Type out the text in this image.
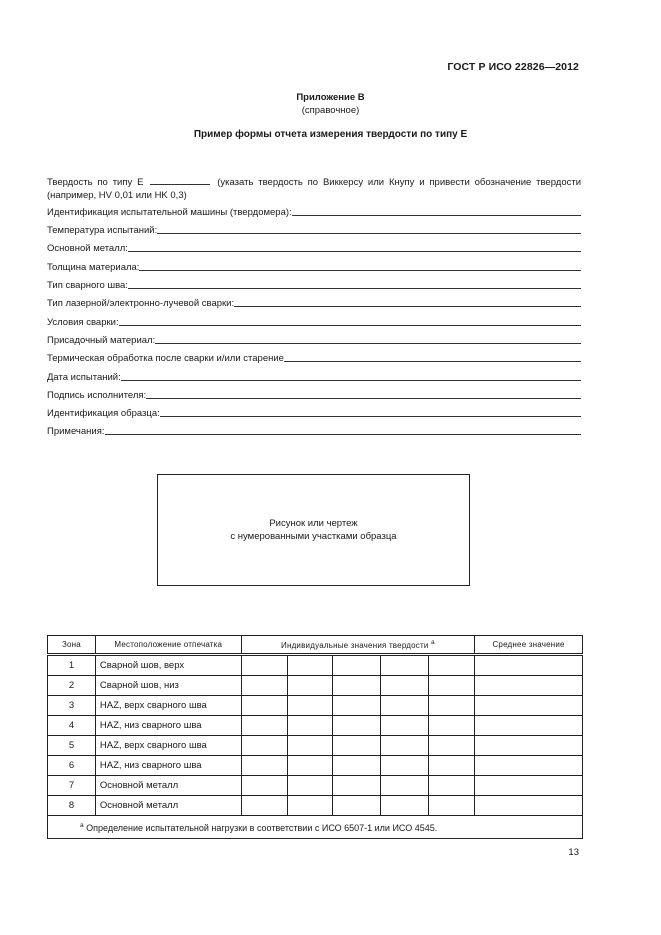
ГОСТ Р ИСО 22826—2012
Приложение В
(справочное)
Пример формы отчета измерения твердости по типу Е
Твердость по типу Е	(указать твердость по Виккерсу или Кнупу и привести обозначение твердости (например, HV 0,01 или HK 0,3)
Идентификация испытательной машины (твердомера):
Температура испытаний:
Основной металл:
Толщина материала:
Тип сварного шва:
Тип лазерной/электронно-лучевой сварки:
Условия сварки:
Присадочный материал:
Термическая обработка после сварки и/или старение
Дата испытаний:
Подпись исполнителя:
Идентификация образца:
Примечания:
Рисунок или чертеж
с нумерованными участками образца
Зона	Местоположение отпечатка	Индивидуальные значения твердости $^a$					Среднее значение
1	Сварной шов, верх						
2	Сварной шов, низ						
3	HAZ, верх сварного шва						
4	HAZ, низ сварного шва						
5	HAZ, верх сварного шва						
6	HAZ, низ сварного шва						
7	Основной металл						
8	Основной металл						
$^a$ Определение испытательной нагрузки в соответствии с ИСО 6507-1 или ИСО 4545.							
13
